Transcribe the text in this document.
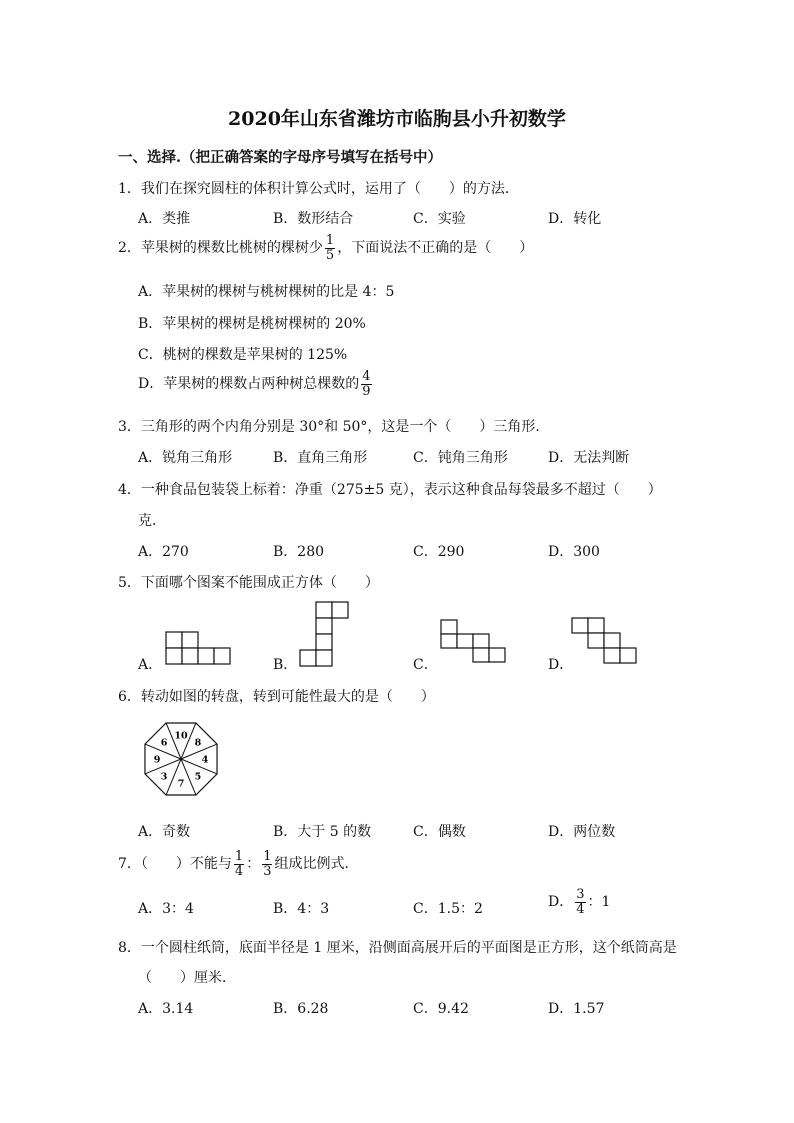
2020年山东省潍坊市临朐县小升初数学
一、选择.（把正确答案的字母序号填写在括号中）
1．我们在探究圆柱的体积计算公式时，运用了（　　）的方法．
A．类推	B．数形结合	C．实验	D．转化
2．苹果树的棵数比桃树的棵树少 $\frac{1}{5}$ ，下面说法不正确的是（　　）
A．苹果树的棵树与桃树棵树的比是 4：5
B．苹果树的棵树是桃树棵树的 20%
C．桃树的棵数是苹果树的 125%
D．苹果树的棵数占两种树总棵数的 $\frac{4}{9}$
3．三角形的两个内角分别是 30°和 50°，这是一个（　　）三角形．
A．锐角三角形	B．直角三角形	C．钝角三角形	D．无法判断
4．一种食品包装袋上标着：净重（275±5 克），表示这种食品每袋最多不超过（　　）
克．
A．270	B．280	C．290	D．300
5．下面哪个图案不能围成正方体（　　）
A．	B．	C．	D．
6．转动如图的转盘，转到可能性最大的是（　　）
8
4
5
7
3
9
6
10
A．奇数	B．大于 5 的数	C．偶数	D．两位数
7．（　　）不能与 $\frac{1}{4}$ ： $\frac{1}{3}$ 组成比例式．
A．3：4	B．4：3	C．1.5：2	D． $\frac{3}{4}$ ：1
8．一个圆柱纸筒，底面半径是 1 厘米，沿侧面高展开后的平面图是正方形，这个纸筒高是
（　　）厘米．
A．3.14	B．6.28	C．9.42	D．1.57
